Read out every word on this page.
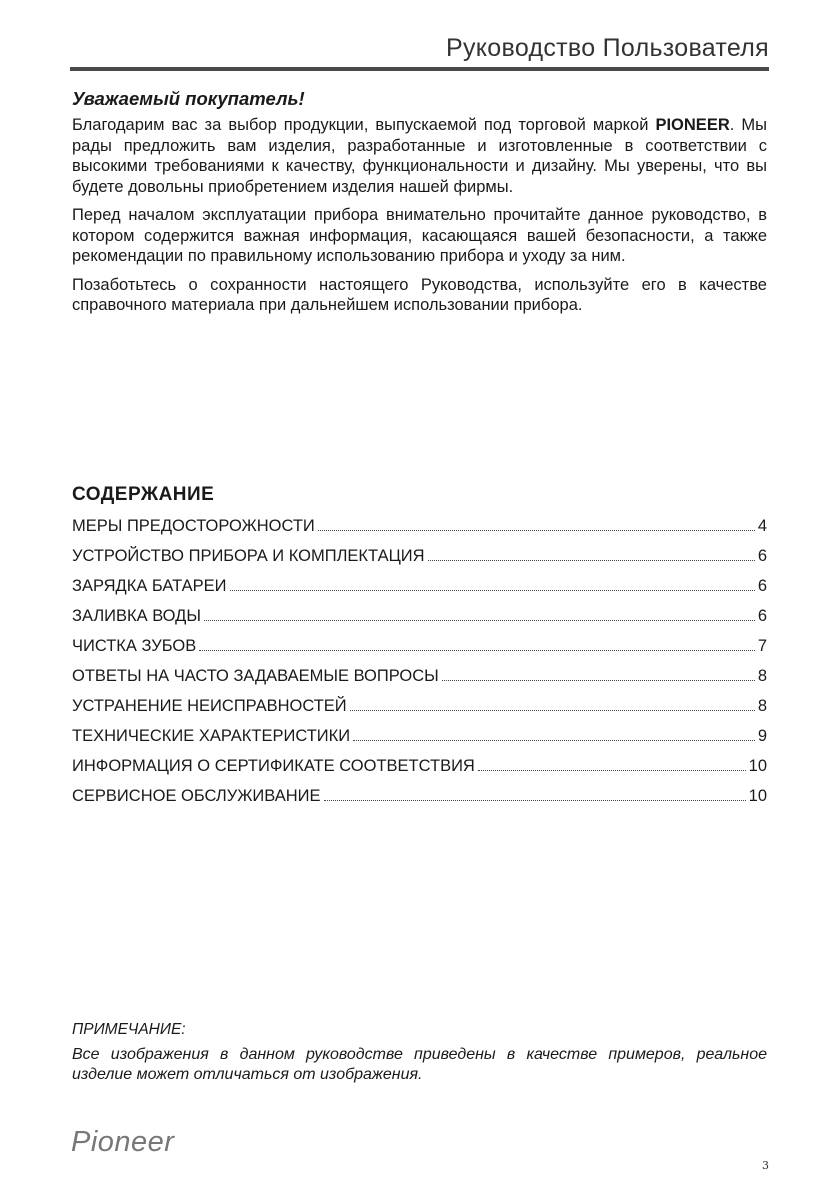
Руководство Пользователя
Уважаемый покупатель!

Благодарим вас за выбор продукции, выпускаемой под торговой маркой PIONEER. Мы рады предложить вам изделия, разработанные и изготовленные в соответствии с высокими требованиями к качеству, функциональности и дизайну. Мы уверены, что вы будете довольны приобретением изделия нашей фирмы.

Перед началом эксплуатации прибора внимательно прочитайте данное руководство, в котором содержится важная информация, касающаяся вашей безопасности, а также рекомендации по правильному использованию прибора и уходу за ним.

Позаботьтесь о сохранности настоящего Руководства, используйте его в качестве справочного материала при дальнейшем использовании прибора.

СОДЕРЖАНИЕ
МЕРЫ ПРЕДОСТОРОЖНОСТИ	4
УСТРОЙСТВО ПРИБОРА И КОМПЛЕКТАЦИЯ	6
ЗАРЯДКА БАТАРЕИ	6
ЗАЛИВКА ВОДЫ	6
ЧИСТКА ЗУБОВ	7
ОТВЕТЫ НА ЧАСТО ЗАДАВАЕМЫЕ ВОПРОСЫ	8
УСТРАНЕНИЕ НЕИСПРАВНОСТЕЙ	8
ТЕХНИЧЕСКИЕ ХАРАКТЕРИСТИКИ	9
ИНФОРМАЦИЯ О СЕРТИФИКАТЕ СООТВЕТСТВИЯ	10
СЕРВИСНОЕ ОБСЛУЖИВАНИЕ	10
ПРИМЕЧАНИЕ:
Все изображения в данном руководстве приведены в качестве примеров, реальное изделие может отличаться от изображения.
Pioneer
3
